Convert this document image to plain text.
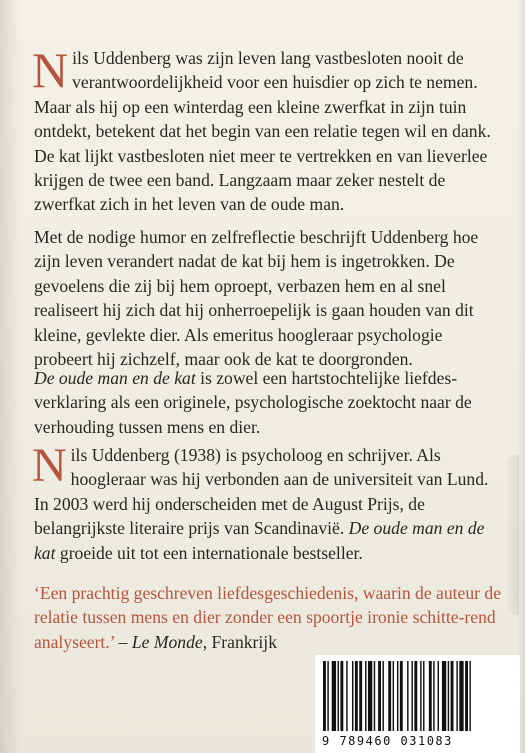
Nils Uddenberg was zijn leven lang vastbesloten nooit de verantwoordelijkheid voor een huisdier op zich te nemen. Maar als hij op een winterdag een kleine zwerfkat in zijn tuin ontdekt, betekent dat het begin van een relatie tegen wil en dank. De kat lijkt vastbesloten niet meer te vertrekken en van lieverlee krijgen de twee een band. Langzaam maar zeker nestelt de zwerfkat zich in het leven van de oude man.

Met de nodige humor en zelfreflectie beschrijft Uddenberg hoe zijn leven verandert nadat de kat bij hem is ingetrokken. De gevoelens die zij bij hem oproept, verbazen hem en al snel realiseert hij zich dat hij onherroepelijk is gaan houden van dit kleine, gevlekte dier. Als emeritus hoogleraar psychologie probeert hij zichzelf, maar ook de kat te doorgronden.

De oude man en de kat is zowel een hartstochtelijke liefdes-verklaring als een originele, psychologische zoektocht naar de verhouding tussen mens en dier.

Nils Uddenberg (1938) is psycholoog en schrijver. Als hoogleraar was hij verbonden aan de universiteit van Lund. In 2003 werd hij onderscheiden met de August Prijs, de belangrijkste literaire prijs van Scandinavië. De oude man en de kat groeide uit tot een internationale bestseller.

‘Een prachtig geschreven liefdesgeschiedenis, waarin de auteur de relatie tussen mens en dier zonder een spoortje ironie schitte-rend analyseert.’ – Le Monde, Frankrijk

9 789460 031083
